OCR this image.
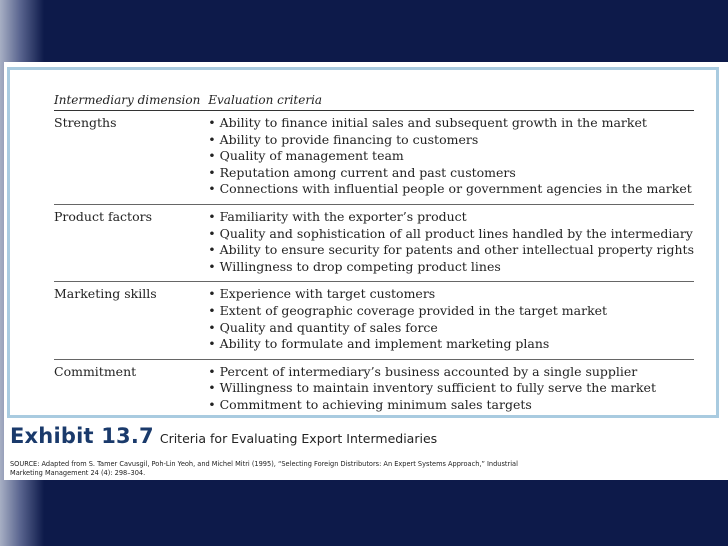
Intermediary dimension	Evaluation criteria
Strengths	• Ability to finance initial sales and subsequent growth in the market
• Ability to provide financing to customers
• Quality of management team
• Reputation among current and past customers
• Connections with influential people or government agencies in the market

Product factors	• Familiarity with the exporter’s product
• Quality and sophistication of all product lines handled by the intermediary
• Ability to ensure security for patents and other intellectual property rights
• Willingness to drop competing product lines

Marketing skills	• Experience with target customers
• Extent of geographic coverage provided in the target market
• Quality and quantity of sales force
• Ability to formulate and implement marketing plans

Commitment	• Percent of intermediary’s business accounted by a single supplier
• Willingness to maintain inventory sufficient to fully serve the market
• Commitment to achieving minimum sales targets
Exhibit 13.7 Criteria for Evaluating Export Intermediaries
SOURCE: Adapted from S. Tamer Cavusgil, Poh-Lin Yeoh, and Michel Mitri (1995), “Selecting Foreign Distributors: An Expert Systems Approach,” Industrial
Marketing Management 24 (4): 298–304.
